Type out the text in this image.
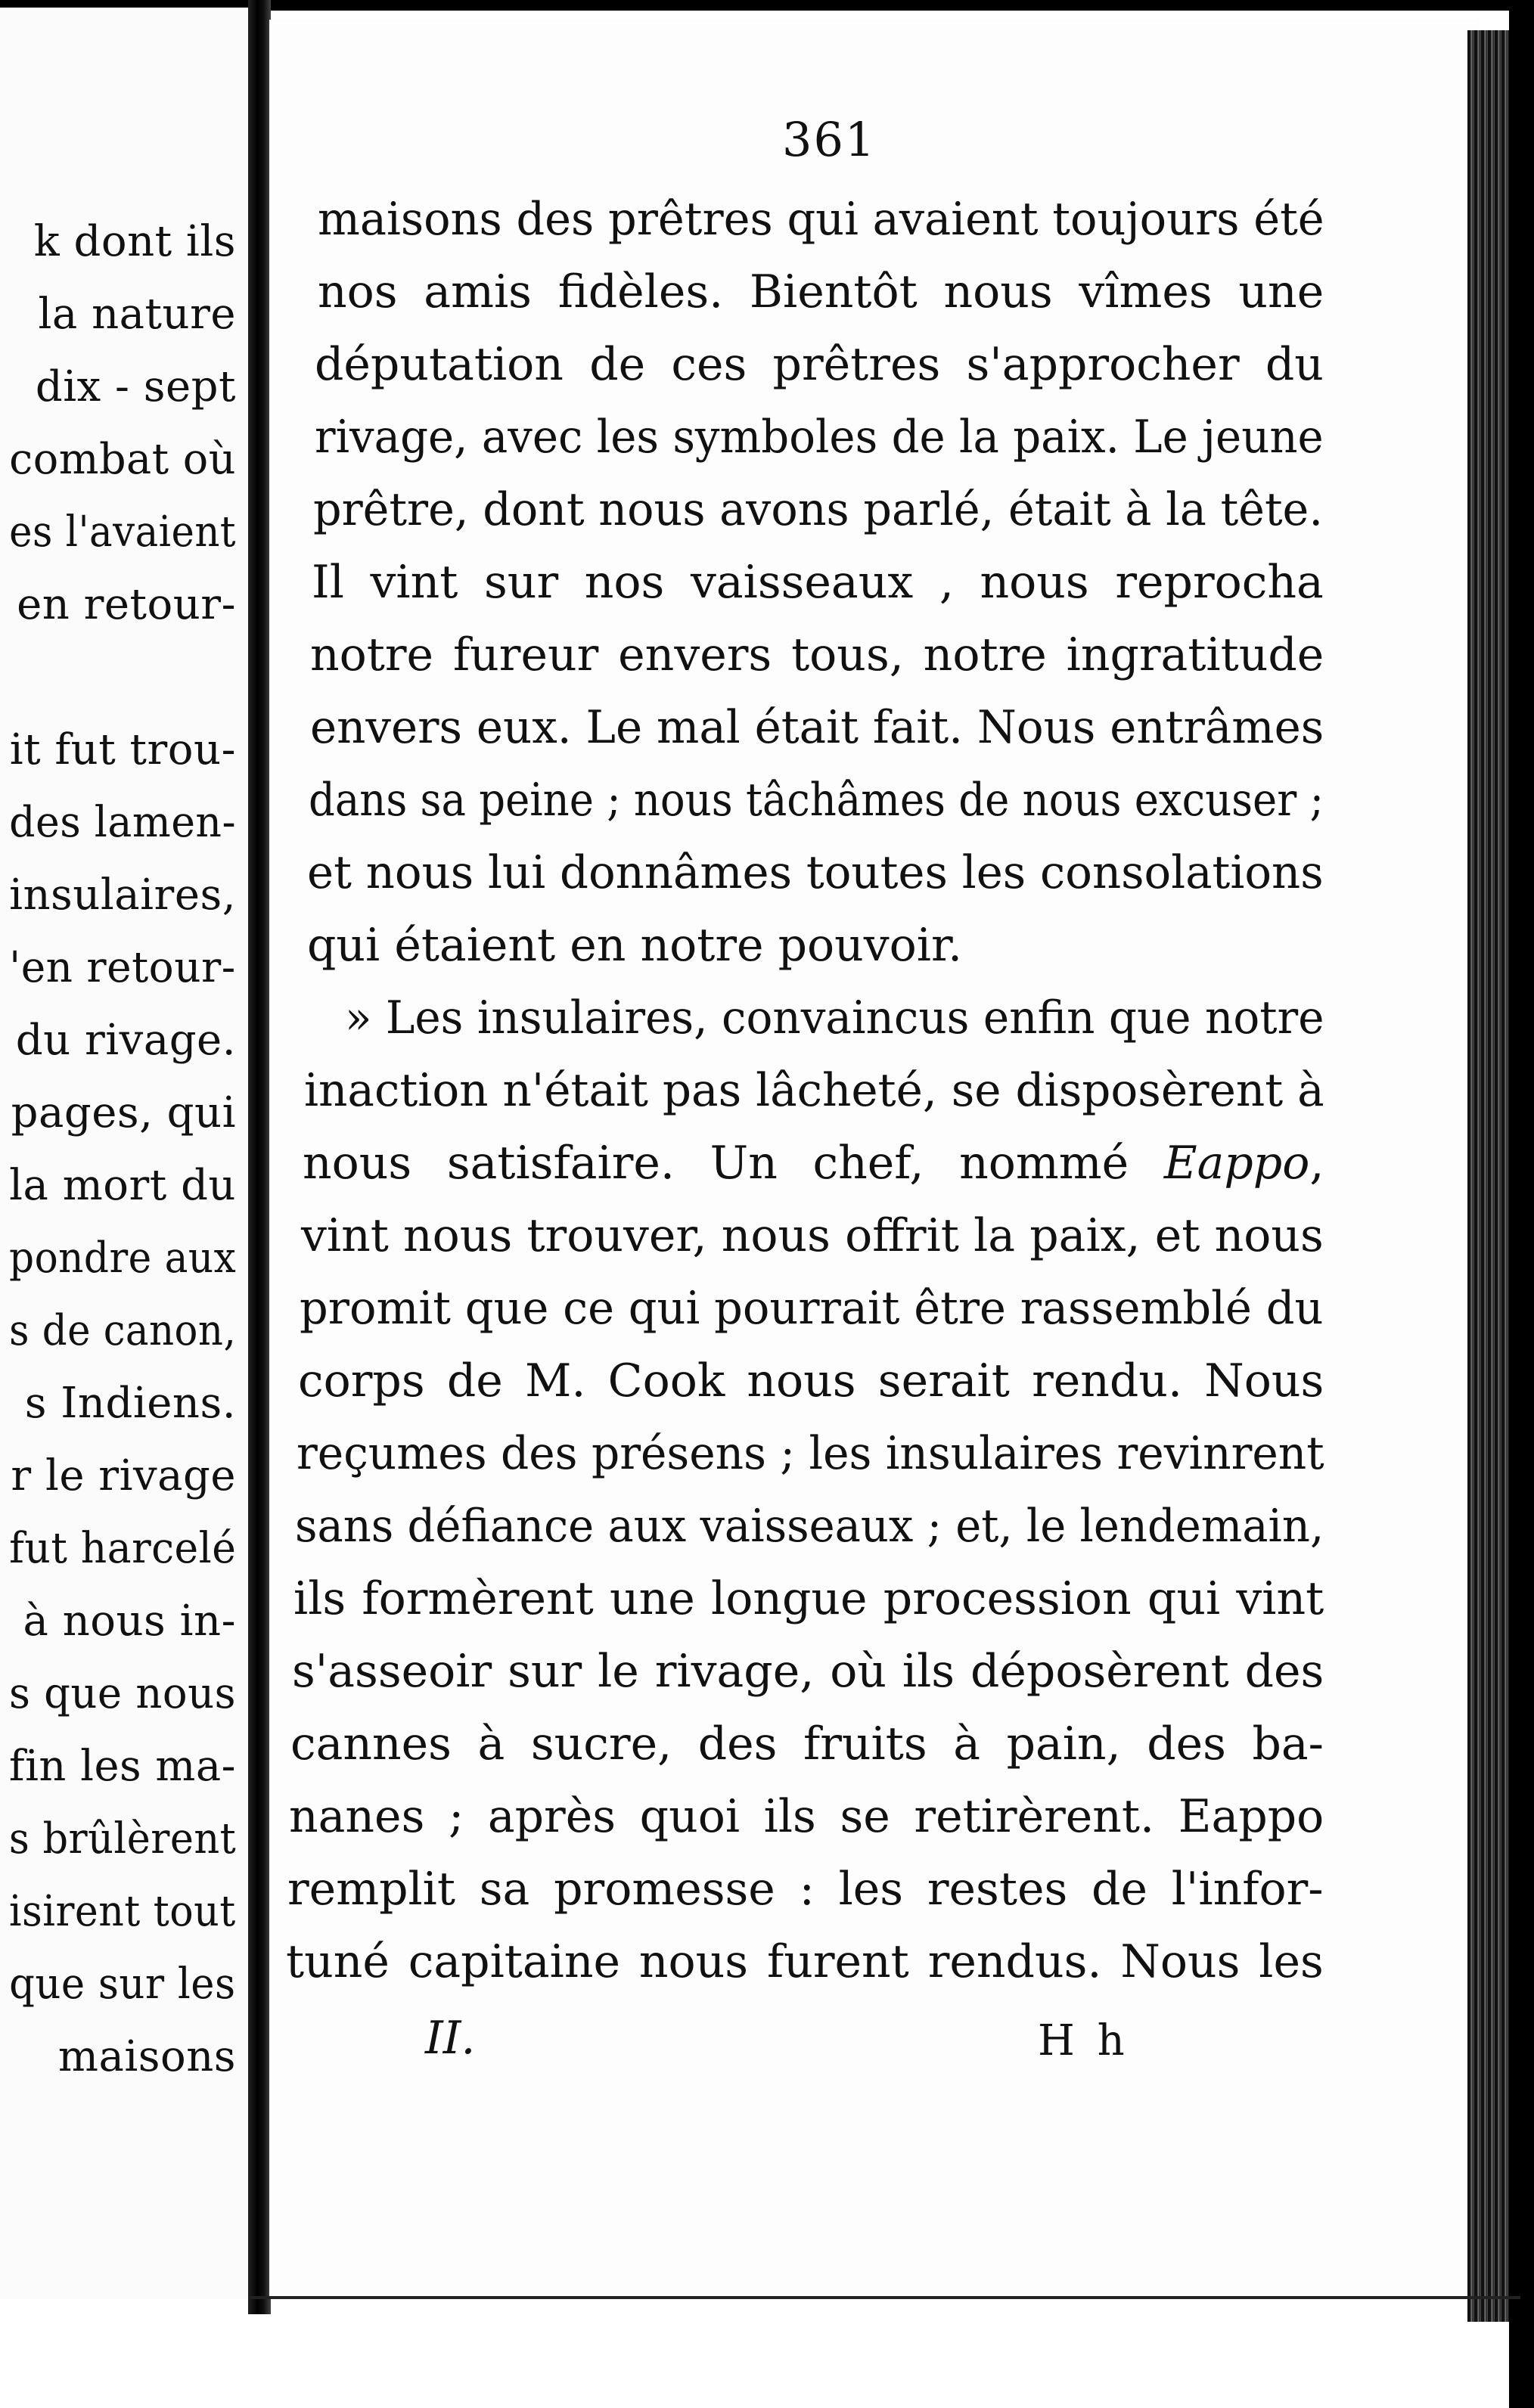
k dont ils
la nature
dix - sept
combat où
es l'avaient
en retour-
it fut trou-
des lamen-
insulaires,
'en retour-
du rivage.
pages, qui
la mort du
pondre aux
s de canon,
s Indiens.
r le rivage
fut harcelé
à nous in-
s que nous
fin les ma-
s brûlèrent
isirent tout
que sur les
maisons
361
maisons des prêtres qui avaient toujours été
nos amis fidèles. Bientôt nous vîmes une
députation de ces prêtres s'approcher du
rivage, avec les symboles de la paix. Le jeune
prêtre, dont nous avons parlé, était à la tête.
Il vint sur nos vaisseaux , nous reprocha
notre fureur envers tous, notre ingratitude
envers eux. Le mal était fait. Nous entrâmes
dans sa peine ; nous tâchâmes de nous excuser ;
et nous lui donnâmes toutes les consolations
qui étaient en notre pouvoir.
» Les insulaires, convaincus enfin que notre
inaction n'était pas lâcheté, se disposèrent à
nous satisfaire. Un chef, nommé Eappo,
vint nous trouver, nous offrit la paix, et nous
promit que ce qui pourrait être rassemblé du
corps de M. Cook nous serait rendu. Nous
reçumes des présens ; les insulaires revinrent
sans défiance aux vaisseaux ; et, le lendemain,
ils formèrent une longue procession qui vint
s'asseoir sur le rivage, où ils déposèrent des
cannes à sucre, des fruits à pain, des ba-
nanes ; après quoi ils se retirèrent. Eappo
remplit sa promesse : les restes de l'infor-
tuné capitaine nous furent rendus. Nous les
II.	H h
